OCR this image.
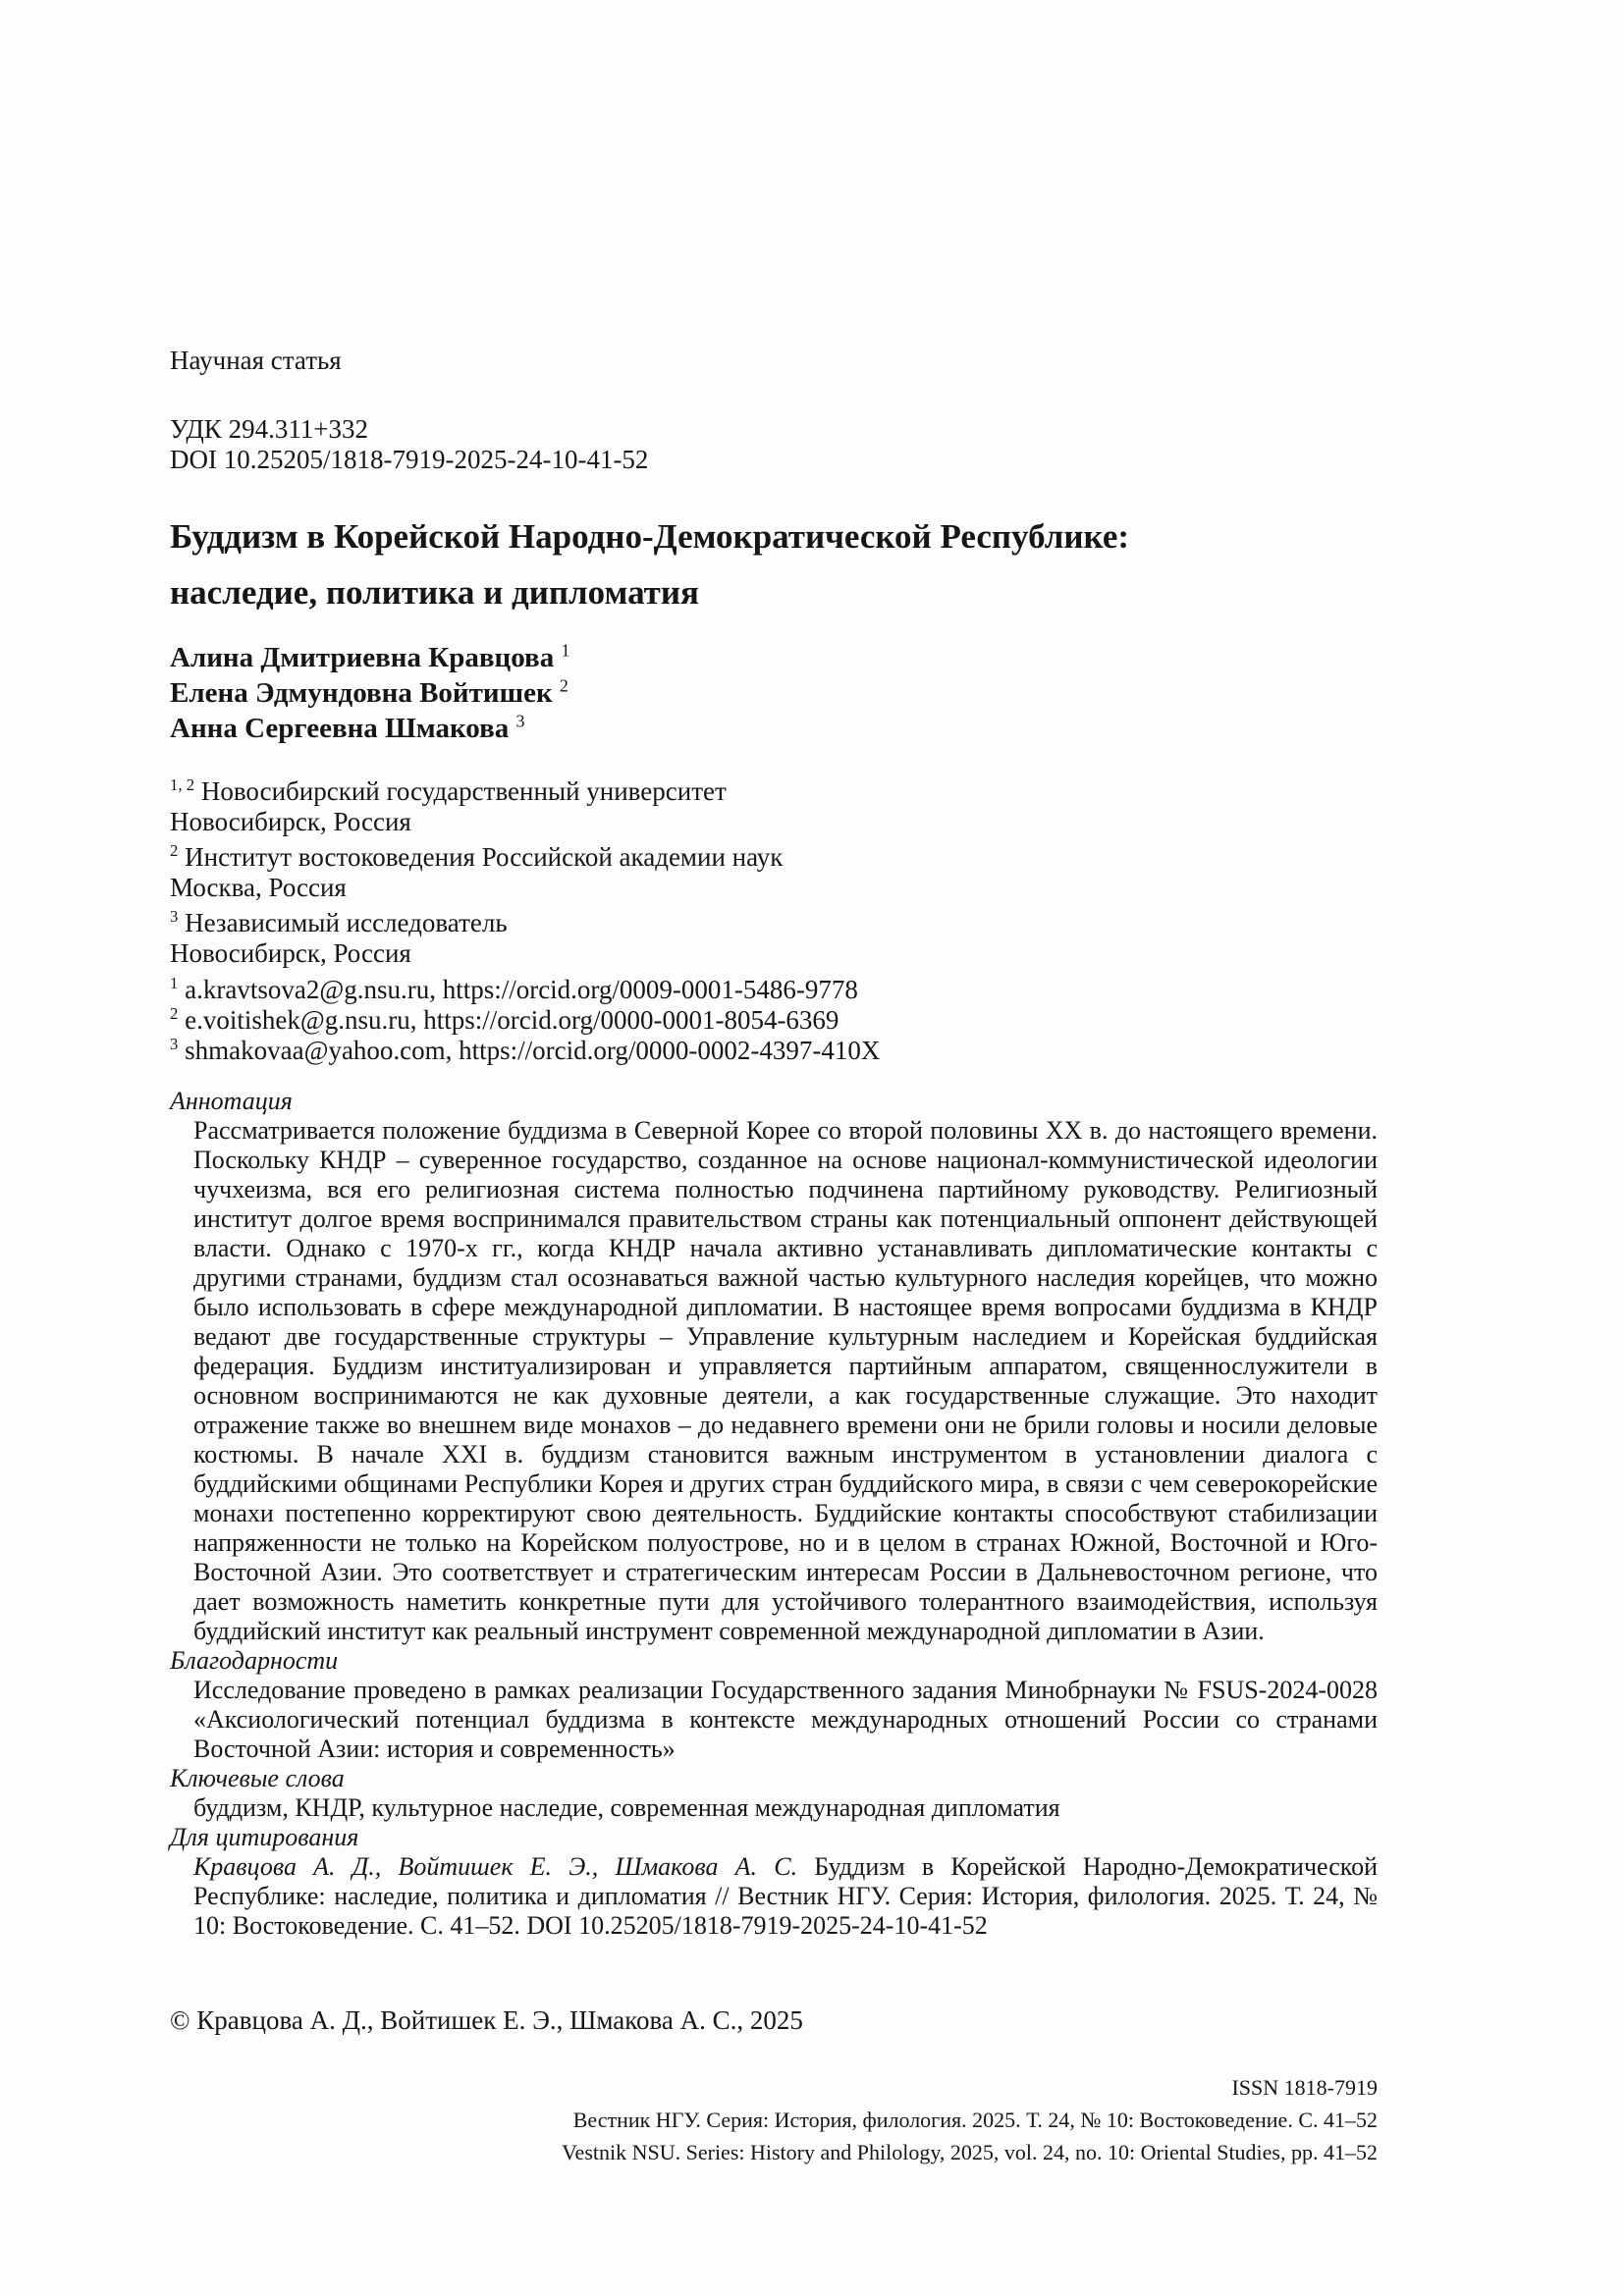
Научная статья

УДК 294.311+332

DOI 10.25205/1818-7919-2025-24-10-41-52

Буддизм в Корейской Народно-Демократической Республике:
наследие, политика и дипломатия

Алина Дмитриевна Кравцова $^1$

Елена Эдмундовна Войтишек $^2$

Анна Сергеевна Шмакова $^3$

$^{1, 2}$ Новосибирский государственный университет

Новосибирск, Россия

$^2$ Институт востоковедения Российской академии наук

Москва, Россия

$^3$ Независимый исследователь

Новосибирск, Россия

$^1$ a.kravtsova2@g.nsu.ru, https://orcid.org/0009-0001-5486-9778

$^2$ e.voitishek@g.nsu.ru, https://orcid.org/0000-0001-8054-6369

$^3$ shmakovaa@yahoo.com, https://orcid.org/0000-0002-4397-410X

Аннотация

Рассматривается положение буддизма в Северной Корее со второй половины XX в. до настоящего времени. Поскольку КНДР – суверенное государство, созданное на основе национал-коммунистической идеологии чучхеизма, вся его религиозная система полностью подчинена партийному руководству. Религиозный институт долгое время воспринимался правительством страны как потенциальный оппонент действующей власти. Однако с 1970-х гг., когда КНДР начала активно устанавливать дипломатические контакты с другими странами, буддизм стал осознаваться важной частью культурного наследия корейцев, что можно было использовать в сфере международной дипломатии. В настоящее время вопросами буддизма в КНДР ведают две государственные структуры – Управление культурным наследием и Корейская буддийская федерация. Буддизм институализирован и управляется партийным аппаратом, священнослужители в основном воспринимаются не как духовные деятели, а как государственные служащие. Это находит отражение также во внешнем виде монахов – до недавнего времени они не брили головы и носили деловые костюмы. В начале XXI в. буддизм становится важным инструментом в установлении диалога с буддийскими общинами Республики Корея и других стран буддийского мира, в связи с чем северокорейские монахи постепенно корректируют свою деятельность. Буддийские контакты способствуют стабилизации напряженности не только на Корейском полуострове, но и в целом в странах Южной, Восточной и Юго-Восточной Азии. Это соответствует и стратегическим интересам России в Дальневосточном регионе, что дает возможность наметить конкретные пути для устойчивого толерантного взаимодействия, используя буддийский институт как реальный инструмент современной международной дипломатии в Азии.

Благодарности

Исследование проведено в рамках реализации Государственного задания Минобрнауки № FSUS-2024-0028 «Аксиологический потенциал буддизма в контексте международных отношений России со странами Восточной Азии: история и современность»

Ключевые слова

буддизм, КНДР, культурное наследие, современная международная дипломатия

Для цитирования

Кравцова А. Д., Войтишек Е. Э., Шмакова А. С. Буддизм в Корейской Народно-Демократической Республике: наследие, политика и дипломатия // Вестник НГУ. Серия: История, филология. 2025. Т. 24, № 10: Востоковедение. С. 41–52. DOI 10.25205/1818-7919-2025-24-10-41-52

© Кравцова А. Д., Войтишек Е. Э., Шмакова А. С., 2025

ISSN 1818-7919

Вестник НГУ. Серия: История, филология. 2025. Т. 24, № 10: Востоковедение. С. 41–52

Vestnik NSU. Series: History and Philology, 2025, vol. 24, no. 10: Oriental Studies, pp. 41–52
